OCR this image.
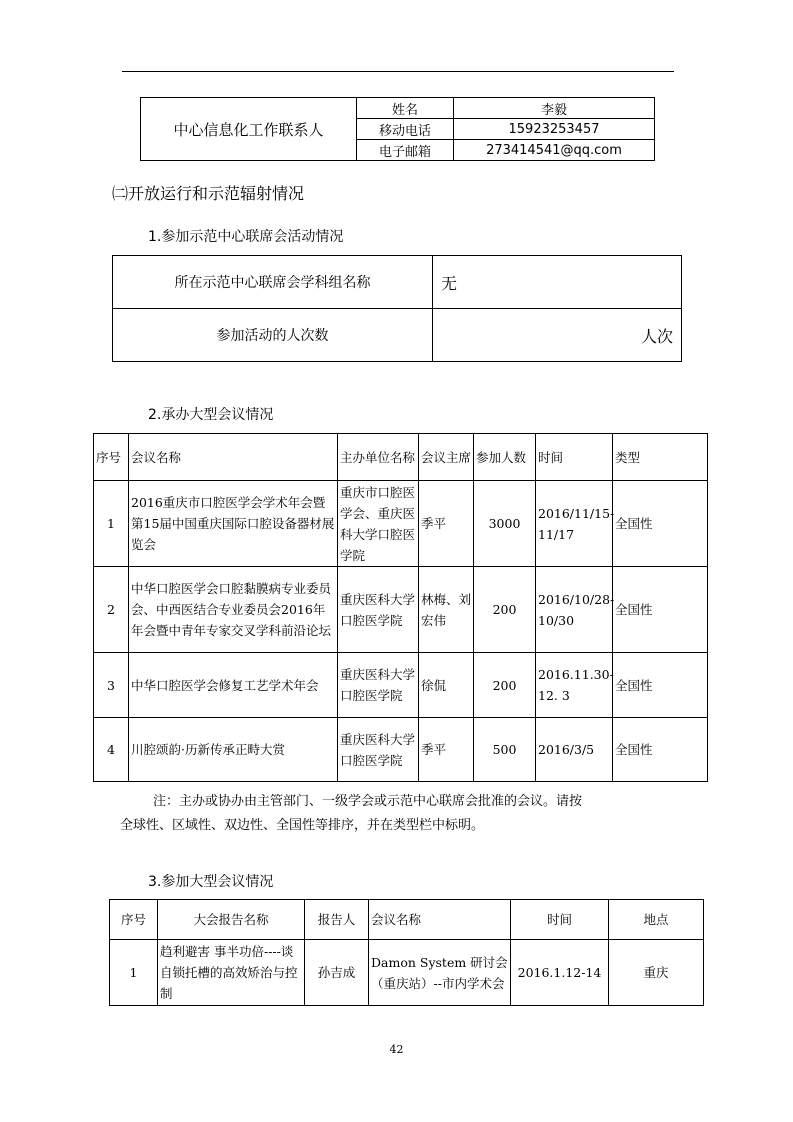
中心信息化工作联系人	姓名	李毅
	移动电话	15923253457
	电子邮箱	273414541@qq.com
㈡开放运行和示范辐射情况
1.参加示范中心联席会活动情况
所在示范中心联席会学科组名称	无
参加活动的人次数	人次
2.承办大型会议情况
序号	会议名称	主办单位名称	会议主席	参加人数	时间	类型
1	2016重庆市口腔医学会学术年会暨第15届中国重庆国际口腔设备器材展览会	重庆市口腔医学会、重庆医科大学口腔医学院	季平	3000	2016/11/15-11/17	全国性
2	中华口腔医学会口腔黏膜病专业委员会、中西医结合专业委员会2016年年会暨中青年专家交叉学科前沿论坛	重庆医科大学口腔医学院	林梅、刘宏伟	200	2016/10/28-10/30	全国性
3	中华口腔医学会修复工艺学术年会	重庆医科大学口腔医学院	徐侃	200	2016.11.30-12. 3	全国性
4	川腔颂韵·历新传承正畤大赏	重庆医科大学口腔医学院	季平	500	2016/3/5	全国性
注：主办或协办由主管部门、一级学会或示范中心联席会批准的会议。请按
全球性、区域性、双边性、全国性等排序，并在类型栏中标明。
3.参加大型会议情况
序号	大会报告名称	报告人	会议名称	时间	地点
1	趋利避害 事半功倍----谈自锁托槽的高效矫治与控制	孙吉成	Damon System 研讨会（重庆站）--市内学术会	2016.1.12-14	重庆
42
